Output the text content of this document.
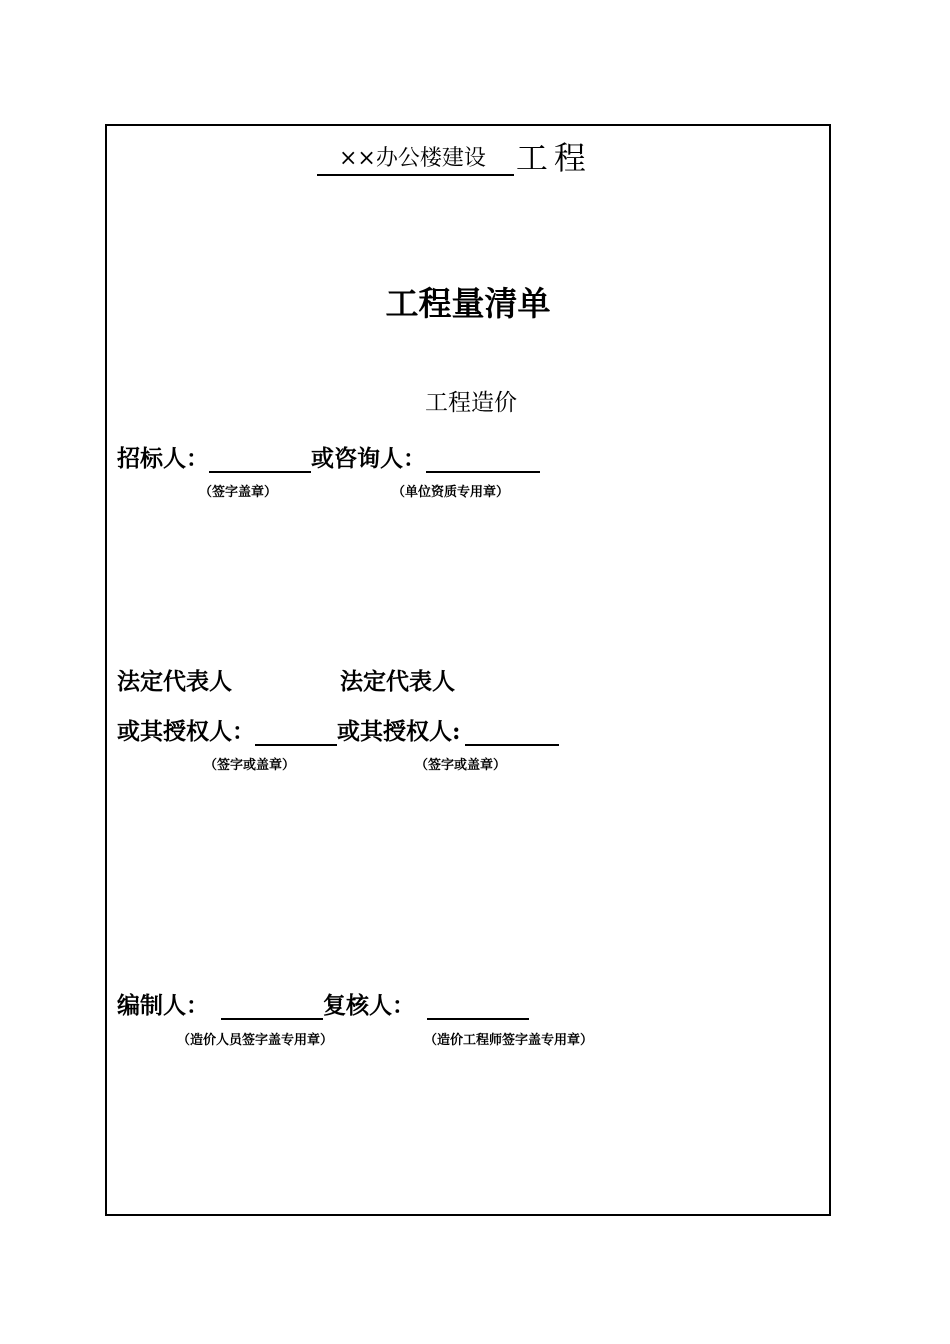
××办公楼建设 工程
工程量清单
工程造价
招标人：	或咨询人：
（签字盖章）	（单位资质专用章）
法定代表人	法定代表人
或其授权人：	或其授权人:
（签字或盖章）	（签字或盖章）
编制人：	复核人：
（造价人员签字盖专用章）	（造价工程师签字盖专用章）
